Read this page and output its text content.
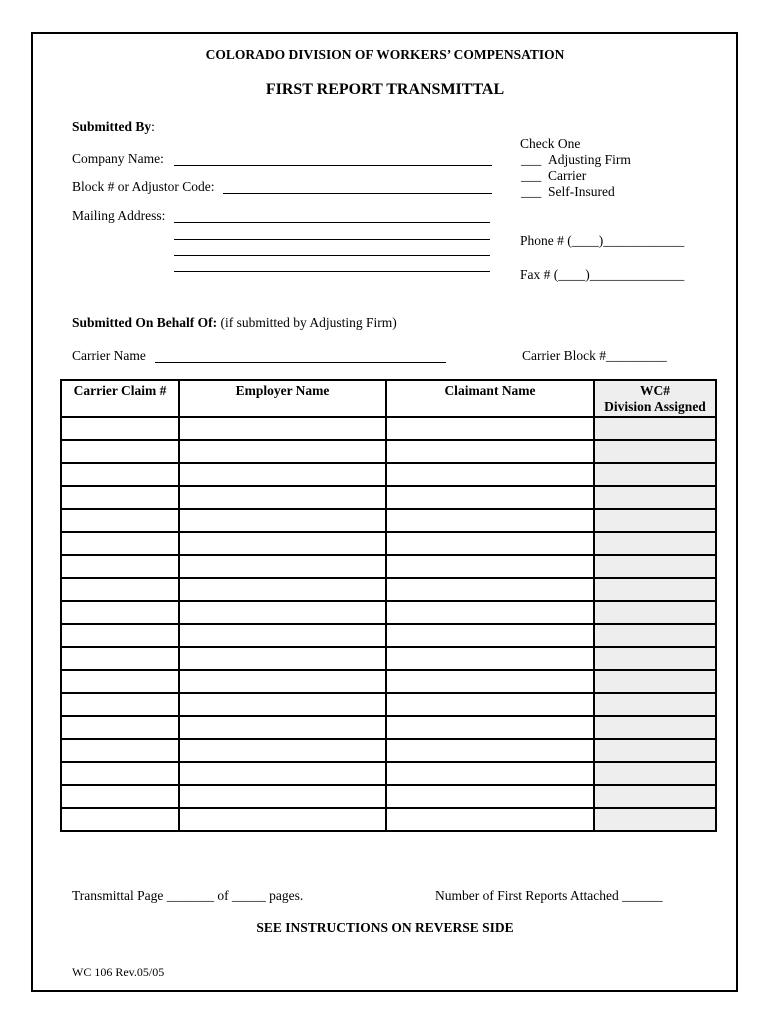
COLORADO DIVISION OF WORKERS’ COMPENSATION
FIRST REPORT TRANSMITTAL
Submitted By:
Company Name:
Block # or Adjustor Code:
Mailing Address:
Check One
___ Adjusting Firm
___ Carrier
___ Self-Insured
Phone # (____)____________
Fax # (____)______________
Submitted On Behalf Of: (if submitted by Adjusting Firm)
Carrier Name	Carrier Block #_________
Carrier Claim #	Employer Name	Claimant Name	WC#
Division Assigned

Transmittal Page _______ of _____ pages.	Number of First Reports Attached ______
SEE INSTRUCTIONS ON REVERSE SIDE
WC 106 Rev.05/05
